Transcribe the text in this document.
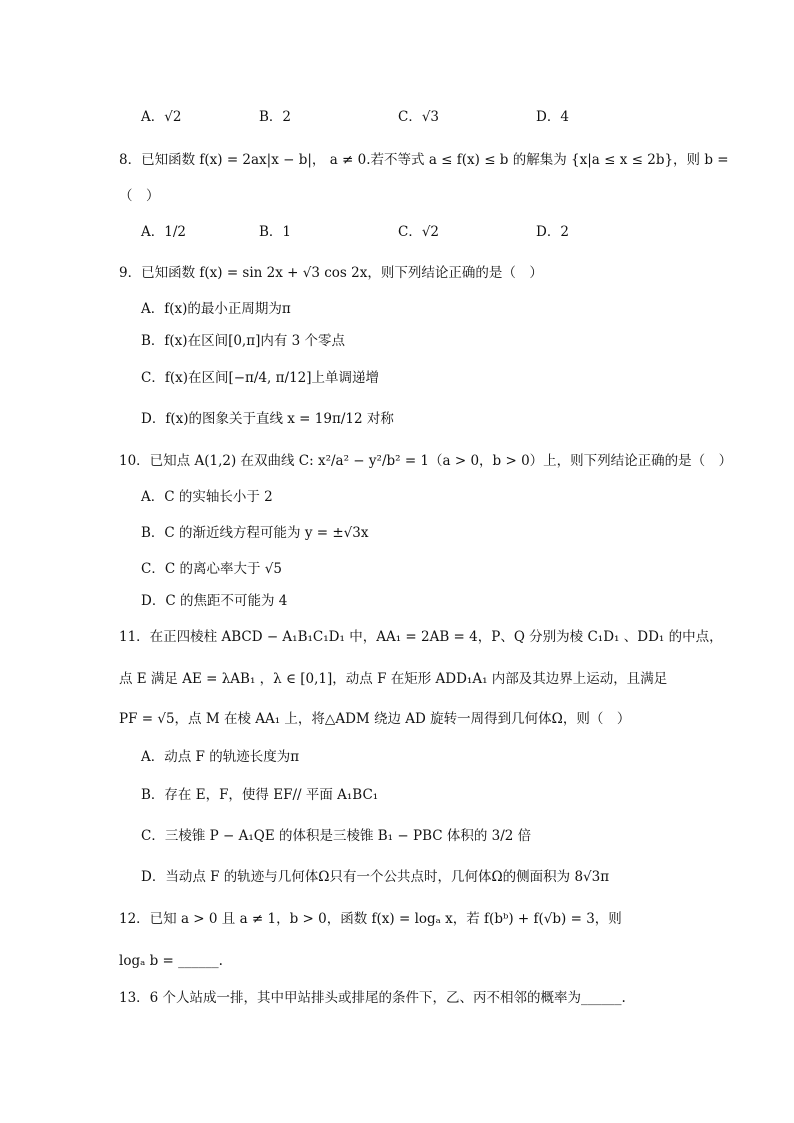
A．√2	B．2	C．√3	D．4
8．已知函数 f(x) = 2ax|x − b|， a ≠ 0.若不等式 a ≤ f(x) ≤ b 的解集为 {x|a ≤ x ≤ 2b}，则 b =
（　）
A．1/2	B．1	C．√2	D．2
9．已知函数 f(x) = sin 2x + √3 cos 2x，则下列结论正确的是（　）
A．f(x)的最小正周期为π
B．f(x)在区间[0,π]内有 3 个零点
C．f(x)在区间[−π/4, π/12]上单调递增
D．f(x)的图象关于直线 x = 19π/12 对称
10．已知点 A(1,2) 在双曲线 C: x²/a² − y²/b² = 1（a > 0，b > 0）上，则下列结论正确的是（　）
A．C 的实轴长小于 2
B．C 的渐近线方程可能为 y = ±√3x
C．C 的离心率大于 √5
D．C 的焦距不可能为 4
11．在正四棱柱 ABCD − A₁B₁C₁D₁ 中，AA₁ = 2AB = 4，P、Q 分别为棱 C₁D₁ 、DD₁ 的中点，
点 E 满足 AE = λAB₁ ，λ ∈ [0,1]，动点 F 在矩形 ADD₁A₁ 内部及其边界上运动，且满足
PF = √5，点 M 在棱 AA₁ 上，将△ADM 绕边 AD 旋转一周得到几何体Ω，则（　）
A．动点 F 的轨迹长度为π
B．存在 E，F，使得 EF// 平面 A₁BC₁
C．三棱锥 P − A₁QE 的体积是三棱锥 B₁ − PBC 体积的 3/2 倍
D．当动点 F 的轨迹与几何体Ω只有一个公共点时，几何体Ω的侧面积为 8√3π
12．已知 a > 0 且 a ≠ 1，b > 0，函数 f(x) = logₐ x，若 f(bᵇ) + f(√b) = 3，则
logₐ b = ______.
13．6 个人站成一排，其中甲站排头或排尾的条件下，乙、丙不相邻的概率为______.
